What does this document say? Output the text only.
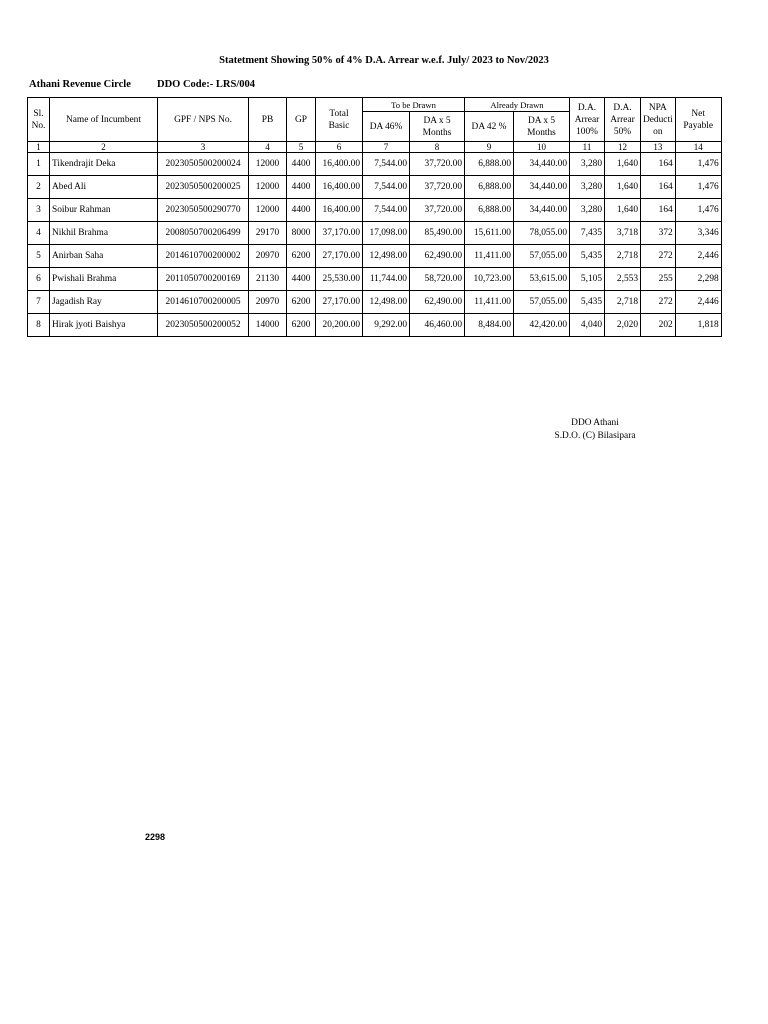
Statetment Showing 50% of 4% D.A. Arrear w.e.f. July/ 2023 to Nov/2023
Athani Revenue Circle DDO Code:- LRS/004
Sl. No.	Name of Incumbent	GPF / NPS No.	PB	GP	Total Basic	To be Drawn		Already Drawn		D.A. Arrear 100%	D.A. Arrear 50%	NPA Deducti on	Net Payable
						DA 46%	DA x 5 Months	DA 42 %	DA x 5 Months				
1	2	3	4	5	6	7	8	9	10	11	12	13	14
1	Tikendrajit Deka	2023050500200024	12000	4400	16,400.00	7,544.00	37,720.00	6,888.00	34,440.00	3,280	1,640	164	1,476
2	Abed Ali	2023050500200025	12000	4400	16,400.00	7,544.00	37,720.00	6,888.00	34,440.00	3,280	1,640	164	1,476
3	Soibur Rahman	2023050500290770	12000	4400	16,400.00	7,544.00	37,720.00	6,888.00	34,440.00	3,280	1,640	164	1,476
4	Nikhil Brahma	2008050700206499	29170	8000	37,170.00	17,098.00	85,490.00	15,611.00	78,055.00	7,435	3,718	372	3,346
5	Anirban Saha	2014610700200002	20970	6200	27,170.00	12,498.00	62,490.00	11,411.00	57,055.00	5,435	2,718	272	2,446
6	Pwishali Brahma	2011050700200169	21130	4400	25,530.00	11,744.00	58,720.00	10,723.00	53,615.00	5,105	2,553	255	2,298
7	Jagadish Ray	2014610700200005	20970	6200	27,170.00	12,498.00	62,490.00	11,411.00	57,055.00	5,435	2,718	272	2,446
8	Hirak jyoti Baishya	2023050500200052	14000	6200	20,200.00	9,292.00	46,460.00	8,484.00	42,420.00	4,040	2,020	202	1,818
DDO Athani
S.D.O. (C) Bilasipara
2298
